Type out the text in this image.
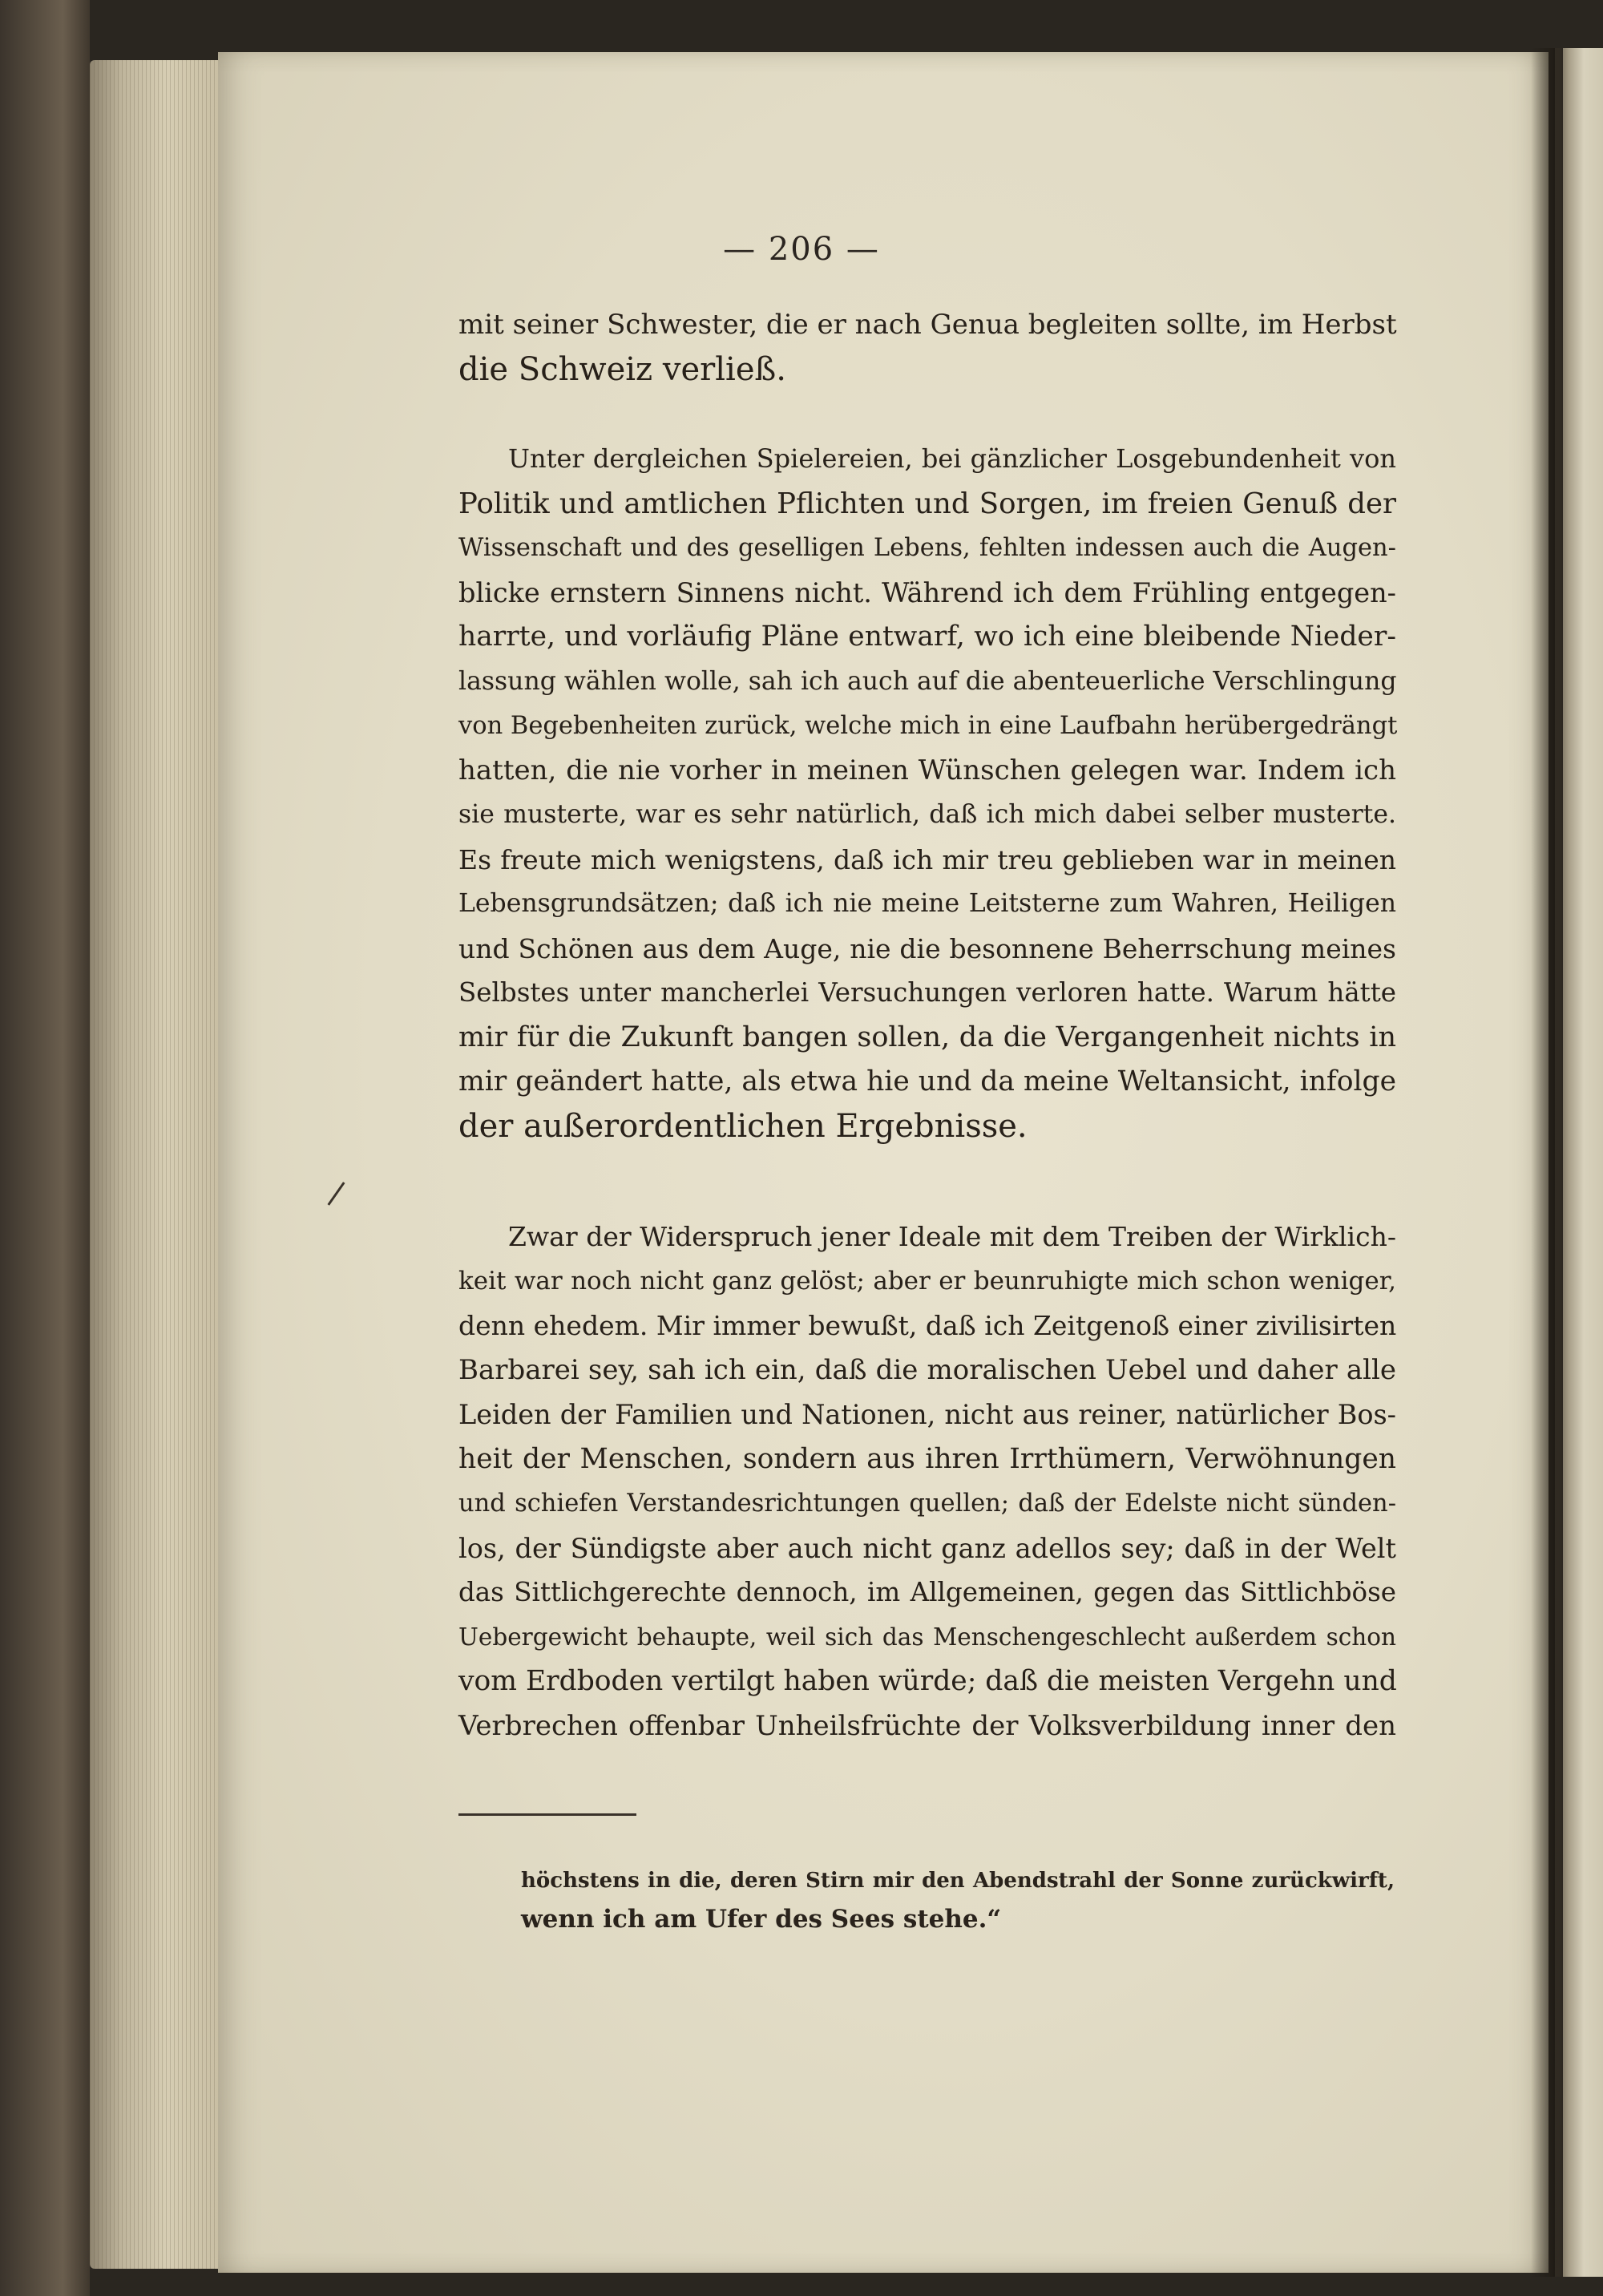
— 206 —
mit seiner Schwester, die er nach Genua begleiten sollte, im Herbst
die Schweiz verließ.
Unter dergleichen Spielereien, bei gänzlicher Losgebundenheit von
Politik und amtlichen Pflichten und Sorgen, im freien Genuß der
Wissenschaft und des geselligen Lebens, fehlten indessen auch die Augen-
blicke ernstern Sinnens nicht. Während ich dem Frühling entgegen-
harrte, und vorläufig Pläne entwarf, wo ich eine bleibende Nieder-
lassung wählen wolle, sah ich auch auf die abenteuerliche Verschlingung
von Begebenheiten zurück, welche mich in eine Laufbahn herübergedrängt
hatten, die nie vorher in meinen Wünschen gelegen war. Indem ich
sie musterte, war es sehr natürlich, daß ich mich dabei selber musterte.
Es freute mich wenigstens, daß ich mir treu geblieben war in meinen
Lebensgrundsätzen; daß ich nie meine Leitsterne zum Wahren, Heiligen
und Schönen aus dem Auge, nie die besonnene Beherrschung meines
Selbstes unter mancherlei Versuchungen verloren hatte. Warum hätte
mir für die Zukunft bangen sollen, da die Vergangenheit nichts in
mir geändert hatte, als etwa hie und da meine Weltansicht, infolge
der außerordentlichen Ergebnisse.
Zwar der Widerspruch jener Ideale mit dem Treiben der Wirklich-
keit war noch nicht ganz gelöst; aber er beunruhigte mich schon weniger,
denn ehedem. Mir immer bewußt, daß ich Zeitgenoß einer zivilisirten
Barbarei sey, sah ich ein, daß die moralischen Uebel und daher alle
Leiden der Familien und Nationen, nicht aus reiner, natürlicher Bos-
heit der Menschen, sondern aus ihren Irrthümern, Verwöhnungen
und schiefen Verstandesrichtungen quellen; daß der Edelste nicht sünden-
los, der Sündigste aber auch nicht ganz adellos sey; daß in der Welt
das Sittlichgerechte dennoch, im Allgemeinen, gegen das Sittlichböse
Uebergewicht behaupte, weil sich das Menschengeschlecht außerdem schon
vom Erdboden vertilgt haben würde; daß die meisten Vergehn und
Verbrechen offenbar Unheilsfrüchte der Volksverbildung inner den
höchstens in die, deren Stirn mir den Abendstrahl der Sonne zurückwirft,
wenn ich am Ufer des Sees stehe.“
